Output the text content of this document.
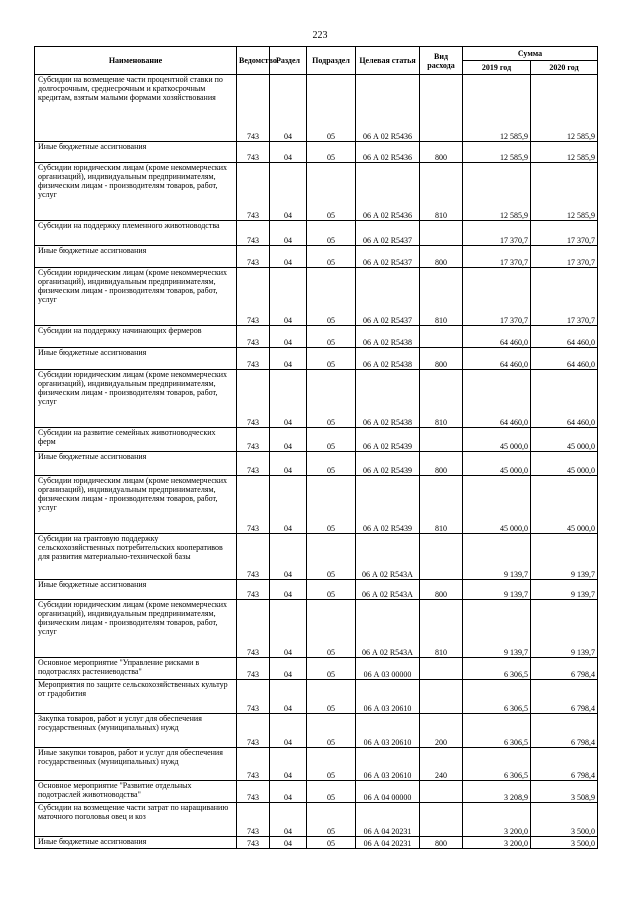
223
Наименование	Ведомство	Раздел	Подраздел	Целевая статья	Вид расхода	Сумма	
						2019 год	2020 год
Субсидии на возмещение части процентной ставки по долгосрочным, среднесрочным и краткосрочным кредитам, взятым малыми формами хозяйствования	743	04	05	06 А 02 R5436		12 585,9	12 585,9
Иные бюджетные ассигнования	743	04	05	06 А 02 R5436	800	12 585,9	12 585,9
Субсидии юридическим лицам (кроме некоммерческих организаций), индивидуальным предпринимателям, физическим лицам - производителям товаров, работ, услуг	743	04	05	06 А 02 R5436	810	12 585,9	12 585,9
Субсидии на поддержку племенного животноводства	743	04	05	06 А 02 R5437		17 370,7	17 370,7
Иные бюджетные ассигнования	743	04	05	06 А 02 R5437	800	17 370,7	17 370,7
Субсидии юридическим лицам (кроме некоммерческих организаций), индивидуальным предпринимателям, физическим лицам - производителям товаров, работ, услуг	743	04	05	06 А 02 R5437	810	17 370,7	17 370,7
Субсидии на поддержку начинающих фермеров	743	04	05	06 А 02 R5438		64 460,0	64 460,0
Иные бюджетные ассигнования	743	04	05	06 А 02 R5438	800	64 460,0	64 460,0
Субсидии юридическим лицам (кроме некоммерческих организаций), индивидуальным предпринимателям, физическим лицам - производителям товаров, работ, услуг	743	04	05	06 А 02 R5438	810	64 460,0	64 460,0
Субсидии на развитие семейных животноводческих ферм	743	04	05	06 А 02 R5439		45 000,0	45 000,0
Иные бюджетные ассигнования	743	04	05	06 А 02 R5439	800	45 000,0	45 000,0
Субсидии юридическим лицам (кроме некоммерческих организаций), индивидуальным предпринимателям, физическим лицам - производителям товаров, работ, услуг	743	04	05	06 А 02 R5439	810	45 000,0	45 000,0
Субсидии на грантовую поддержку сельскохозяйственных потребительских кооперативов для развития материально-технической базы	743	04	05	06 А 02 R543А		9 139,7	9 139,7
Иные бюджетные ассигнования	743	04	05	06 А 02 R543А	800	9 139,7	9 139,7
Субсидии юридическим лицам (кроме некоммерческих организаций), индивидуальным предпринимателям, физическим лицам - производителям товаров, работ, услуг	743	04	05	06 А 02 R543А	810	9 139,7	9 139,7
Основное мероприятие "Управление рисками в подотраслях растениеводства"	743	04	05	06 А 03 00000		6 306,5	6 798,4
Мероприятия по защите сельскохозяйственных культур от градобития	743	04	05	06 А 03 20610		6 306,5	6 798,4
Закупка товаров, работ и услуг для обеспечения государственных (муниципальных) нужд	743	04	05	06 А 03 20610	200	6 306,5	6 798,4
Иные закупки товаров, работ и услуг для обеспечения государственных (муниципальных) нужд	743	04	05	06 А 03 20610	240	6 306,5	6 798,4
Основное мероприятие "Развитие отдельных подотраслей животноводства"	743	04	05	06 А 04 00000		3 208,9	3 508,9
Субсидии на возмещение части затрат по наращиванию маточного поголовья овец и коз	743	04	05	06 А 04 20231		3 200,0	3 500,0
Иные бюджетные ассигнования	743	04	05	06 А 04 20231	800	3 200,0	3 500,0
